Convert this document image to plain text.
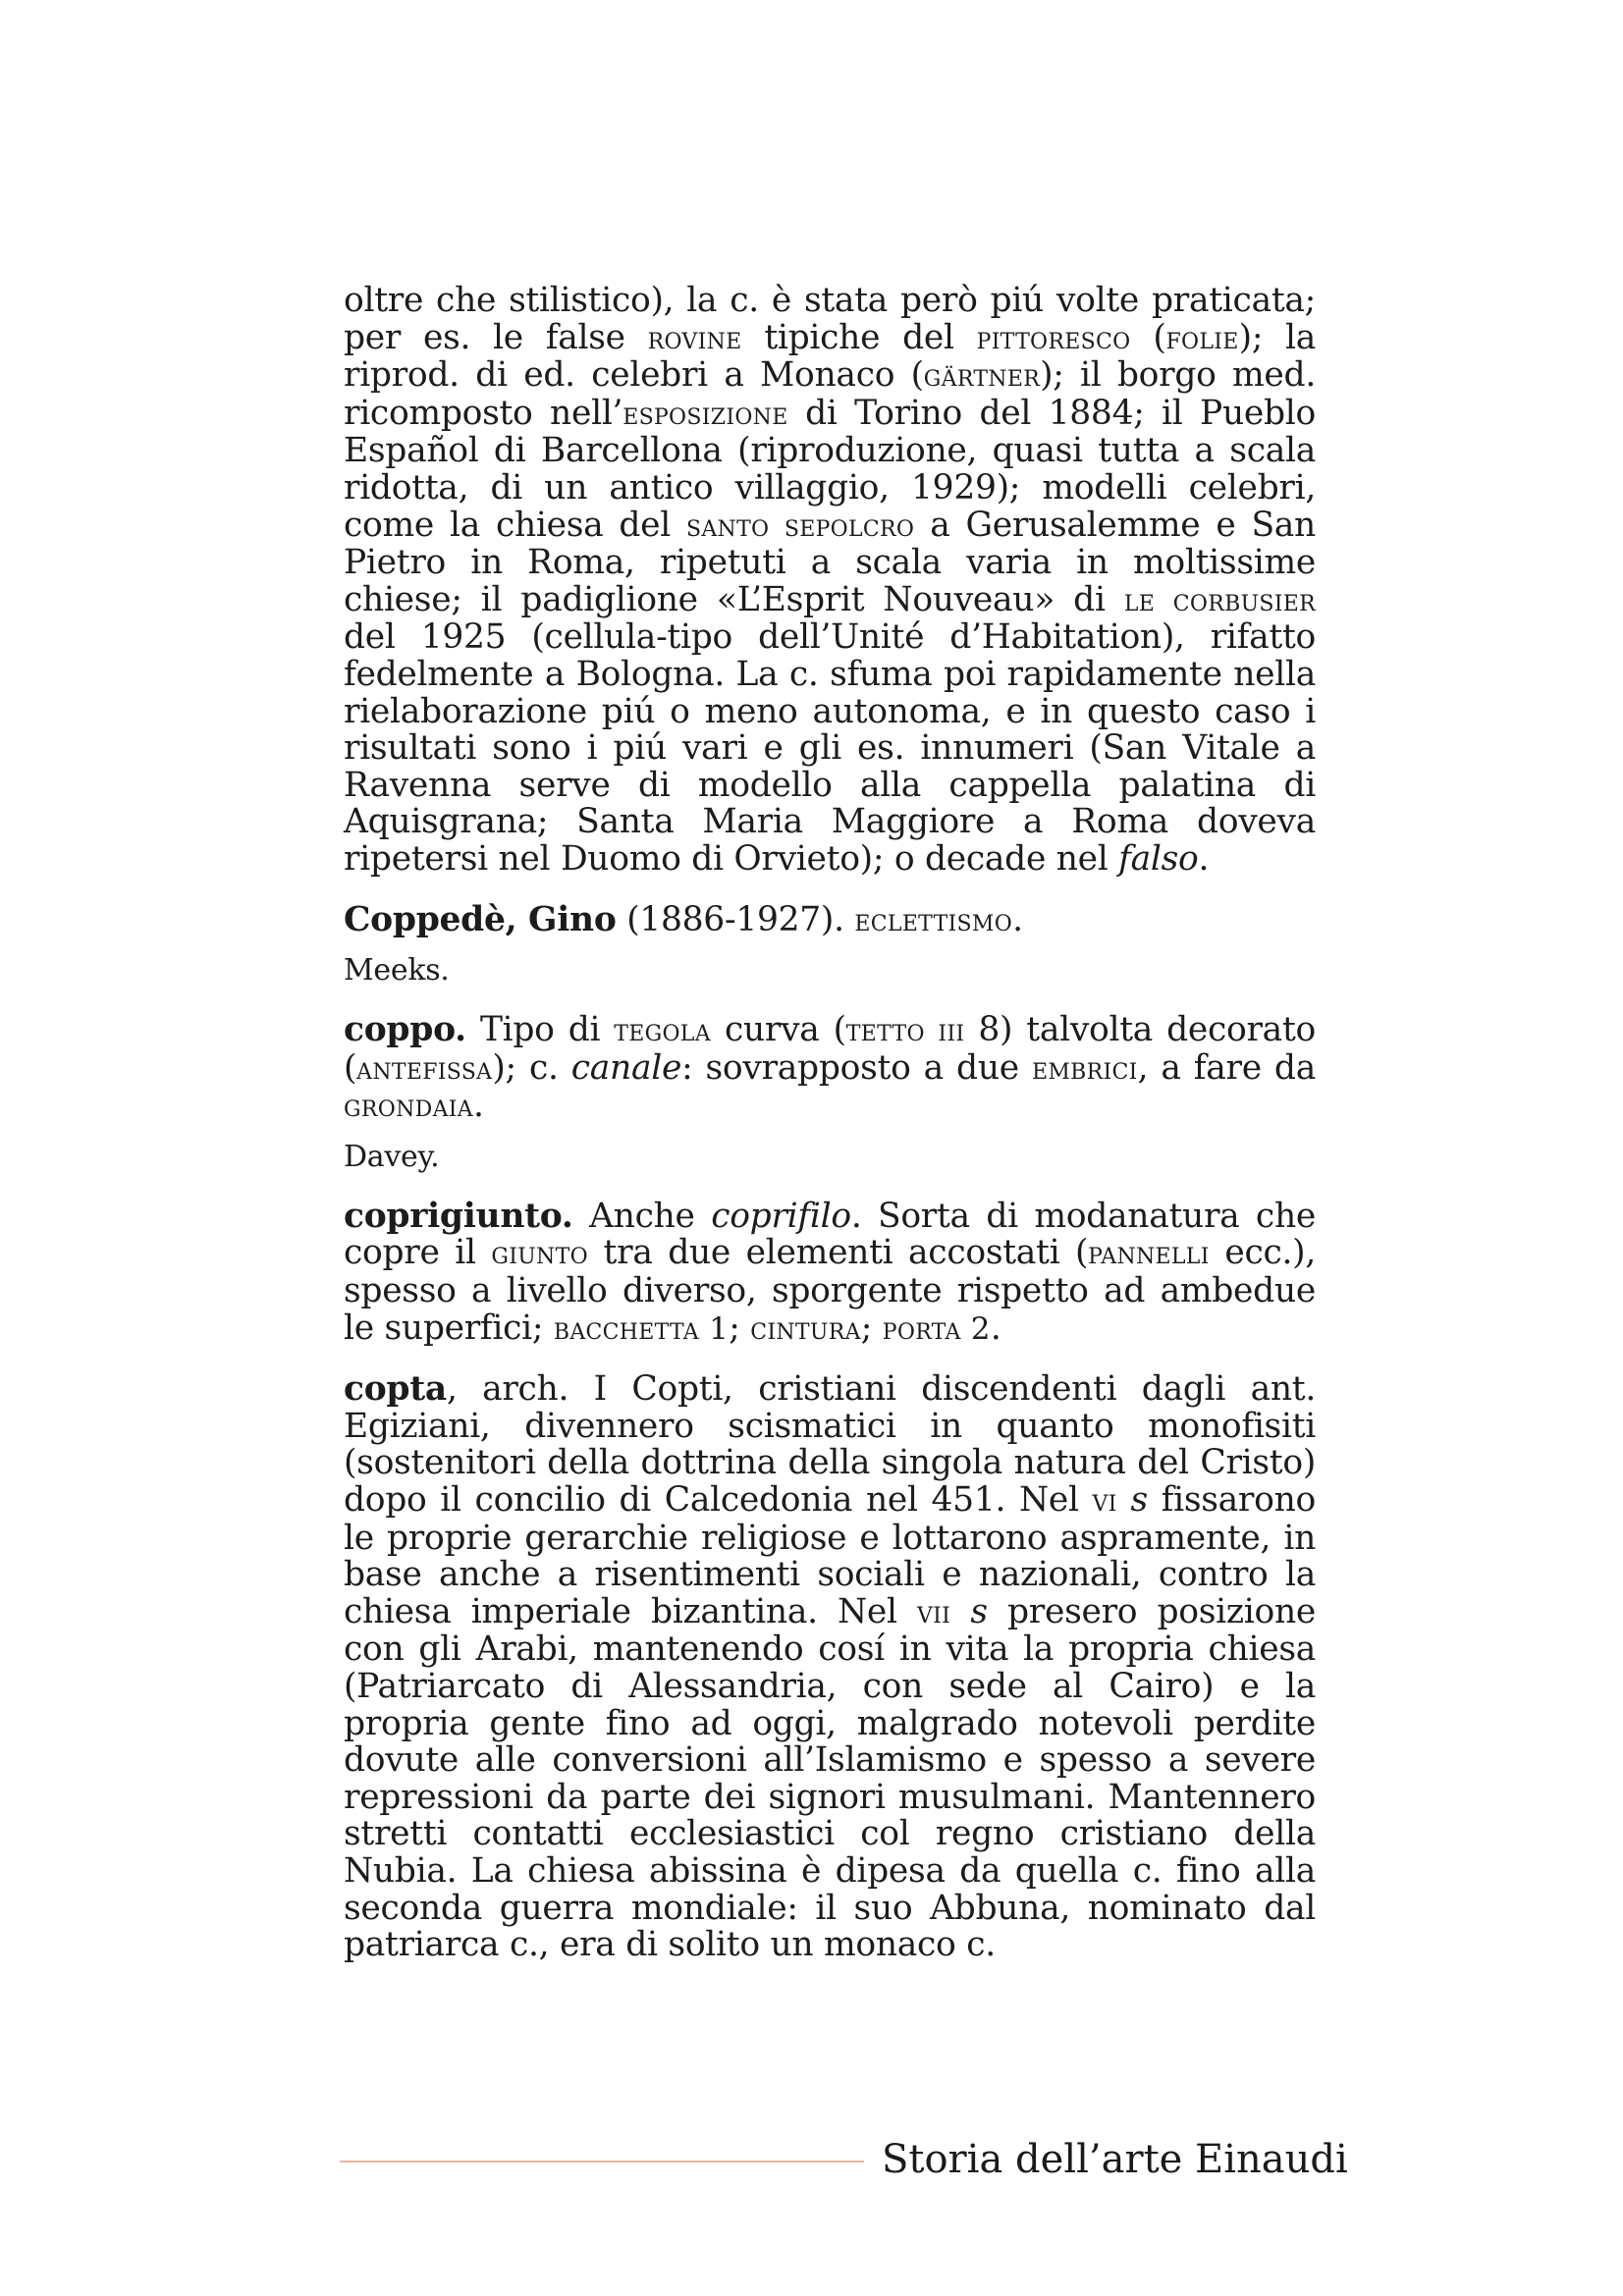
oltre che stilistico), la c. è stata però piú volte praticata; per es. le false rovine tipiche del pittoresco (folie); la riprod. di ed. celebri a Monaco (gärtner); il borgo med. ricomposto nell’esposizione di Torino del 1884; il Pueblo Español di Barcellona (riproduzione, quasi tutta a scala ridotta, di un antico villaggio, 1929); modelli celebri, come la chiesa del santo sepolcro a Gerusalemme e San Pietro in Roma, ripetuti a scala varia in moltissime chiese; il padiglione «L’Esprit Nouveau» di le corbusier del 1925 (cellula-tipo dell’Unité d’Habitation), rifatto fedelmente a Bologna. La c. sfuma poi rapidamente nella rielaborazione piú o meno autonoma, e in questo caso i risultati sono i piú vari e gli es. innumeri (San Vitale a Ravenna serve di modello alla cappella palatina di Aquisgrana; Santa Maria Maggiore a Roma doveva ripetersi nel Duomo di Orvieto); o decade nel falso.

Coppedè, Gino (1886-1927). eclettismo.

Meeks.

coppo. Tipo di tegola curva (tetto iii 8) talvolta decorato (antefissa); c. canale: sovrapposto a due embrici, a fare da grondaia.

Davey.

coprigiunto. Anche coprifilo. Sorta di modanatura che copre il giunto tra due elementi accostati (pannelli ecc.), spesso a livello diverso, sporgente rispetto ad ambedue le superfici; bacchetta 1; cintura; porta 2.

copta, arch. I Copti, cristiani discendenti dagli ant. Egiziani, divennero scismatici in quanto monofisiti (sostenitori della dottrina della singola natura del Cristo) dopo il concilio di Calcedonia nel 451. Nel vi s fissarono le proprie gerarchie religiose e lottarono aspramente, in base anche a risentimenti sociali e nazionali, contro la chiesa imperiale bizantina. Nel vii s presero posizione con gli Arabi, mantenendo cosí in vita la propria chiesa (Patriarcato di Alessandria, con sede al Cairo) e la propria gente fino ad oggi, malgrado notevoli perdite dovute alle conversioni all’Islamismo e spesso a severe repressioni da parte dei signori musulmani. Mantennero stretti contatti ecclesiastici col regno cristiano della Nubia. La chiesa abissina è dipesa da quella c. fino alla seconda guerra mondiale: il suo Abbuna, nominato dal patriarca c., era di solito un monaco c.

Storia dell’arte Einaudi
